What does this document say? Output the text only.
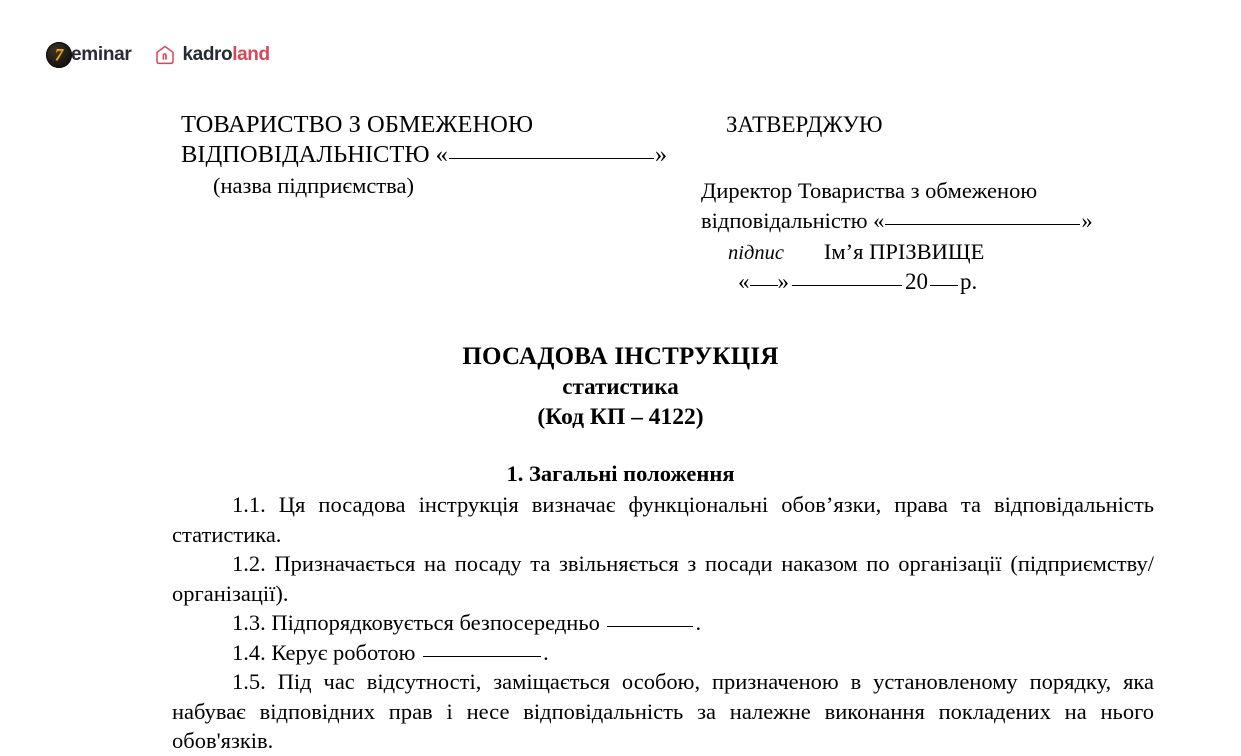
7 eminar	kadroland
ТОВАРИСТВО З ОБМЕЖЕНОЮ
ВІДПОВІДАЛЬНІСТЮ «	»
(назва підприємства)
ЗАТВЕРДЖУЮ
Директор Товариства з обмеженою
відповідальністю «	»
підпис Ім’я ПРІЗВИЩЕ
« »	20 р.
ПОСАДОВА ІНСТРУКЦІЯ
статистика
(Код КП – 4122)
1. Загальні положення

1.1. Ця посадова інструкція визначає функціональні обов’язки, права та відповідальність статистика.

1.2. Призначається на посаду та звільняється з посади наказом по організації (підприємству/організації).

1.3. Підпорядковується безпосередньо	.

1.4. Керує роботою	.

1.5. Під час відсутності, заміщається особою, призначеною в установленому порядку, яка набуває відповідних прав і несе відповідальність за належне виконання покладених на нього обов'язків.
